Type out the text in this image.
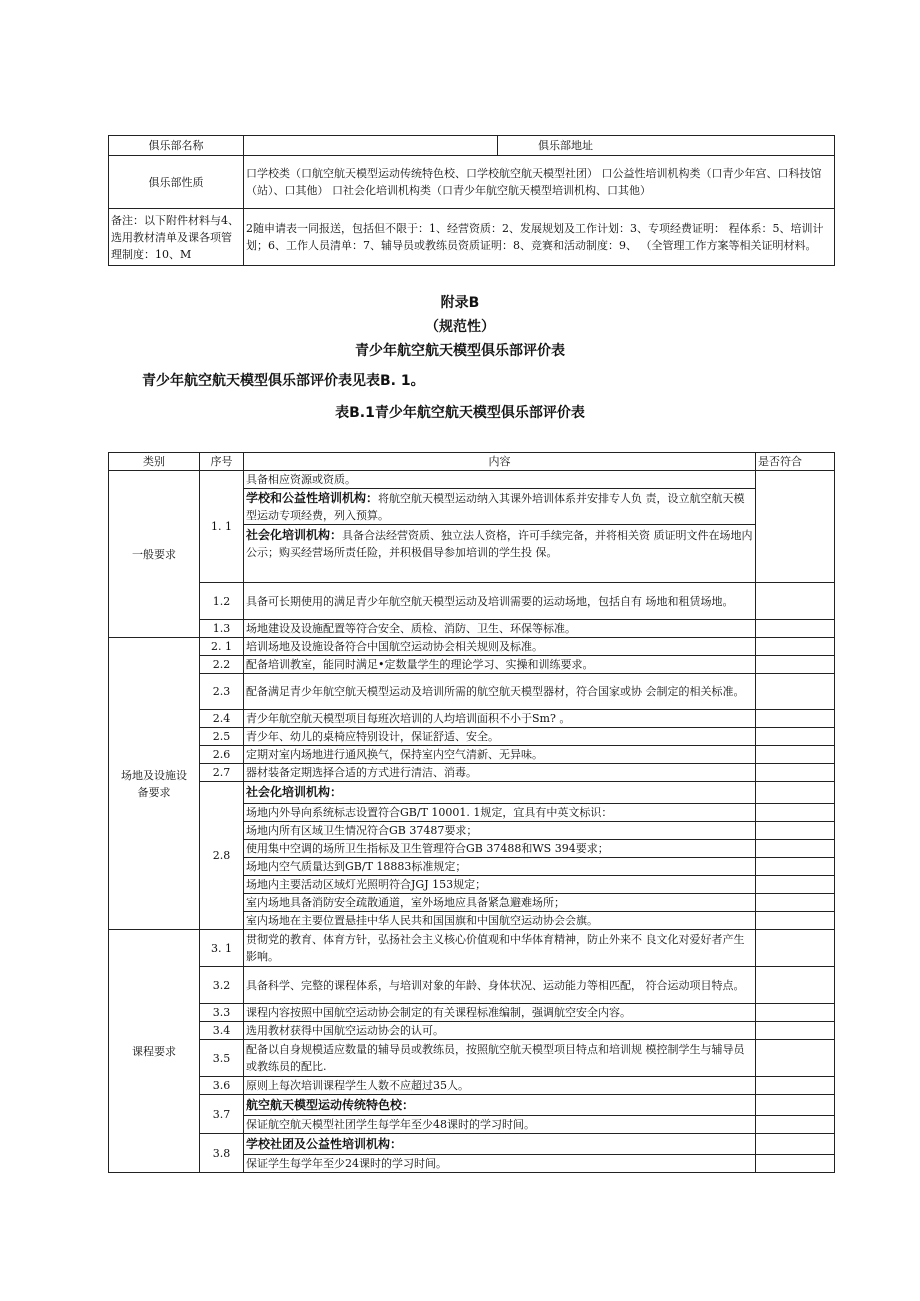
俱乐部名称		俱乐部地址
俱乐部性质	口学校类（口航空航天模型运动传统特色校、口学校航空航天模型社团） 口公益性培训机构类（口青少年宫、口科技馆（站）、口其他） 口社会化培训机构类（口青少年航空航天模型培训机构、口其他）	
备注：以下附件材料与4、选用教材清单及课各项管理制度：10、M	2随申请表一同报送，包括但不限于：1、经营资质：2、发展规划及工作计划：3、专项经费证明： 程体系：5、培训计划；6、工作人员清单：7、辅导员或教练员资质证明：8、竞赛和活动制度：9、 （全管理工作方案等相关证明材料。	
附录B
（规范性）
青少年航空航天模型俱乐部评价表
青少年航空航天模型俱乐部评价表见表B. 1。
表B.1青少年航空航天模型俱乐部评价表
类别	序号	内容	是否符合
一般要求	1. 1	具备相应资源或资质。	
		学校和公益性培训机构：将航空航天模型运动纳入其课外培训体系并安排专人负 责，设立航空航天模型运动专项经费，列入预算。	
		社会化培训机构：具备合法经营资质、独立法人资格，许可手续完备，并将相关资 质证明文件在场地内公示；购买经营场所责任险，并积极倡导参加培训的学生投 保。	
	1.2	具备可长期使用的满足青少年航空航天模型运动及培训需要的运动场地，包括自有 场地和租赁场地。	
	1.3	场地建设及设施配置等符合安全、质检、消防、卫生、环保等标准。	
场地及设施设备要求	2. 1	培训场地及设施设备符合中国航空运动协会相关规则及标准。	
	2.2	配备培训教室，能同时满足•定数量学生的理论学习、实操和训练要求。	
	2.3	配备满足青少年航空航天模型运动及培训所需的航空航天模型器材，符合国家或协 会制定的相关标准。	
	2.4	青少年航空航天模型项目每班次培训的人均培训面积不小于Sm? 。	
	2.5	青少年、幼儿的桌椅应特别设计，保证舒适、安全。	
	2.6	定期对室内场地进行通风换气，保持室内空气清新、无异味。	
	2.7	器材装备定期选择合适的方式进行清洁、消毒。	
	2.8	社会化培训机构：	
		场地内外导向系统标志设置符合GB/T 10001. 1规定，宜具有中英文标识：	
		场地内所有区域卫生情况符合GB 37487要求；	
		使用集中空调的场所卫生指标及卫生管理符合GB 37488和WS 394要求；	
		场地内空气质量达到GB/T 18883标准规定；	
		场地内主要活动区域灯光照明符合JGJ 153规定；	
		室内场地具备消防安全疏散通道，室外场地应具备紧急避难场所；	
		室内场地在主要位置悬挂中华人民共和国国旗和中国航空运动协会会旗。	
课程要求	3. 1	贯彻党的教育、体育方针，弘扬社会主义核心价值观和中华体育精神，防止外来不 良文化对爱好者产生影响。	
	3.2	具备科学、完整的课程体系，与培训对象的年龄、身体状况、运动能力等相匹配， 符合运动项目特点。	
	3.3	课程内容按照中国航空运动协会制定的有关课程标准编制，强调航空安全内容。	
	3.4	选用教材获得中国航空运动协会的认可。	
	3.5	配备以自身规模适应数量的辅导员或教练员，按照航空航天模型项目特点和培训规 模控制学生与辅导员或教练员的配比.	
	3.6	原则上每次培训课程学生人数不应超过35人。	
	3.7	航空航天模型运动传统特色校：	
		保证航空航天模型社团学生每学年至少48课时的学习时间。	
	3.8	学校社团及公益性培训机构：	
		保证学生每学年至少24课时的学习时间。	
